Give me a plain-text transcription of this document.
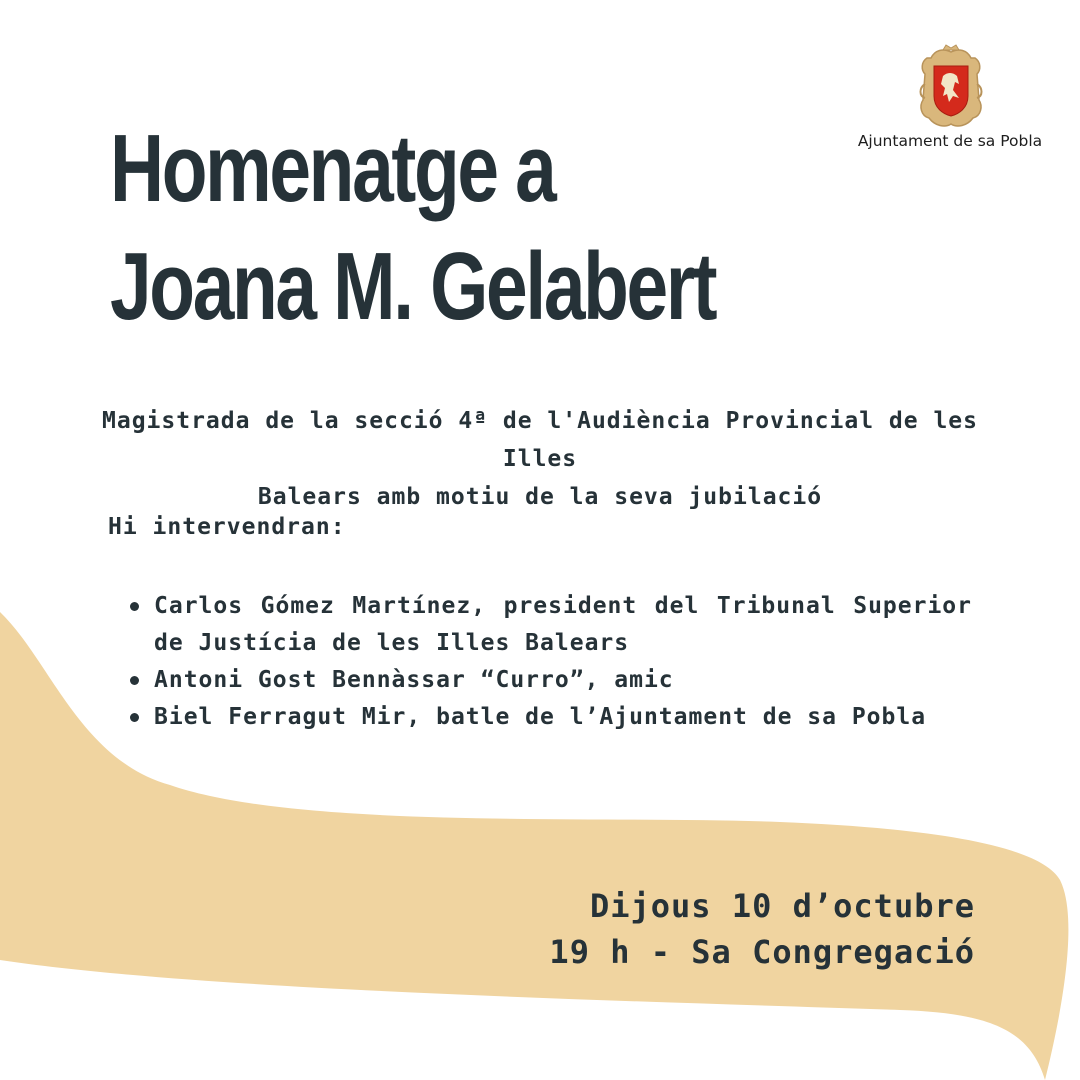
Ajuntament de sa Pobla
Homenatge a
Joana M. Gelabert
Magistrada de la secció 4ª de l'Audiència Provincial de les Illes
Balears amb motiu de la seva jubilació
Hi intervendran:
Carlos Gómez Martínez, president del Tribunal Superior de Justícia de les Illes Balears
Antoni Gost Bennàssar “Curro”, amic
Biel Ferragut Mir, batle de l’Ajuntament de sa Pobla
Dijous 10 d’octubre
19 h - Sa Congregació
